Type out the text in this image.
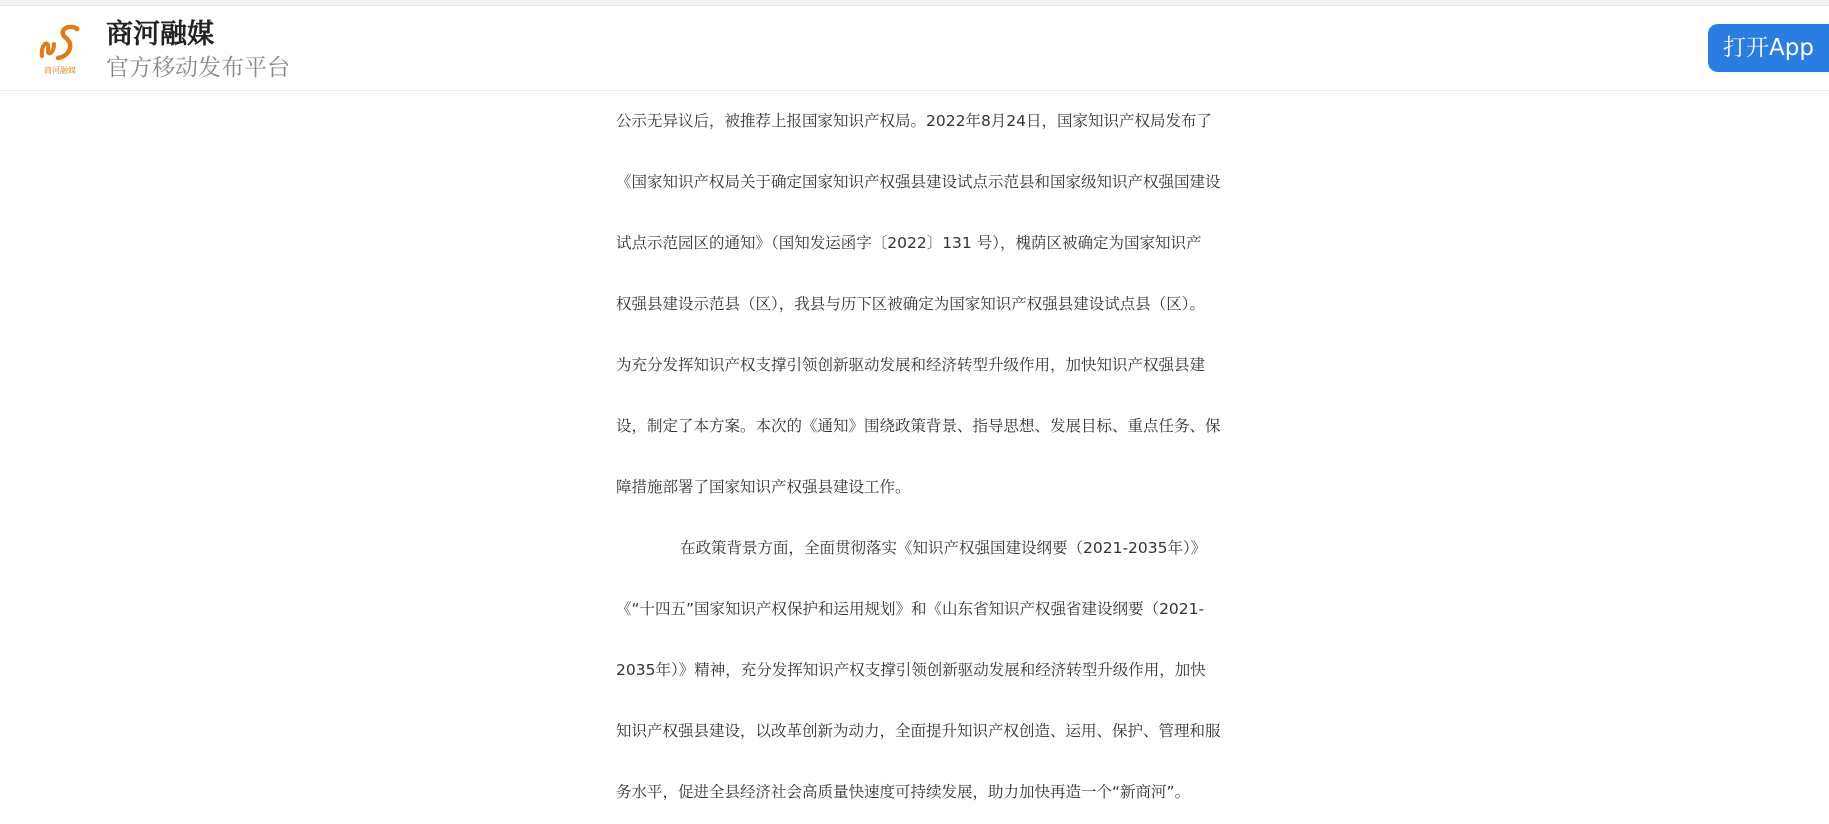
商河融媒
商河融媒
官方移动发布平台
打开App

公示无异议后，被推荐上报国家知识产权局。2022年8月24日，国家知识产权局发布了

《国家知识产权局关于确定国家知识产权强县建设试点示范县和国家级知识产权强国建设

试点示范园区的通知》（国知发运函字〔2022〕131 号），槐荫区被确定为国家知识产

权强县建设示范县（区），我县与历下区被确定为国家知识产权强县建设试点县（区）。

为充分发挥知识产权支撑引领创新驱动发展和经济转型升级作用，加快知识产权强县建

设，制定了本方案。本次的《通知》围绕政策背景、指导思想、发展目标、重点任务、保

障措施部署了国家知识产权强县建设工作。

在政策背景方面，全面贯彻落实《知识产权强国建设纲要（2021-2035年）》

《“十四五”国家知识产权保护和运用规划》和《山东省知识产权强省建设纲要（2021-

2035年）》精神，充分发挥知识产权支撑引领创新驱动发展和经济转型升级作用，加快

知识产权强县建设，以改革创新为动力，全面提升知识产权创造、运用、保护、管理和服

务水平，促进全县经济社会高质量快速度可持续发展，助力加快再造一个“新商河”。
